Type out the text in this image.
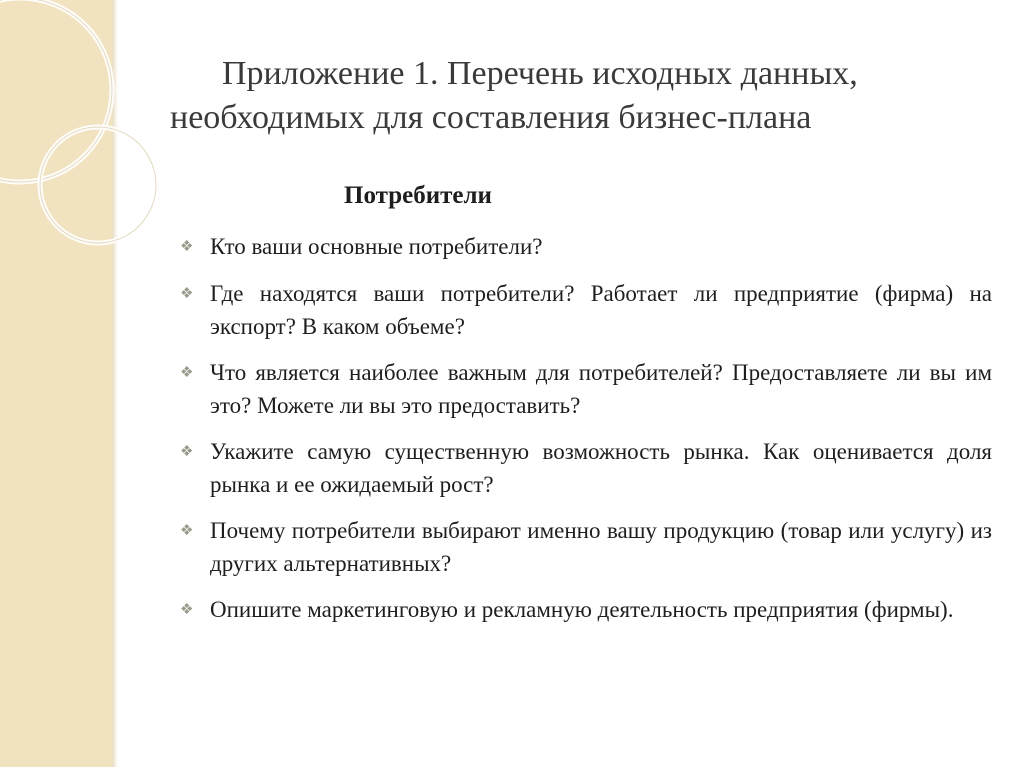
Приложение 1. Перечень исходных данных,
необходимых для составления бизнес-плана
Потребители
❖ Кто ваши основные потребители?
❖ Где находятся ваши потребители? Работает ли предприятие (фирма) на экспорт? В каком объеме?
❖ Что является наиболее важным для потребителей? Предоставляете ли вы им это? Можете ли вы это предоставить?
❖ Укажите самую существенную возможность рынка. Как оценивается доля рынка и ее ожидаемый рост?
❖ Почему потребители выбирают именно вашу продукцию (товар или услугу) из других альтернативных?
❖ Опишите маркетинговую и рекламную деятельность предприятия (фирмы).
